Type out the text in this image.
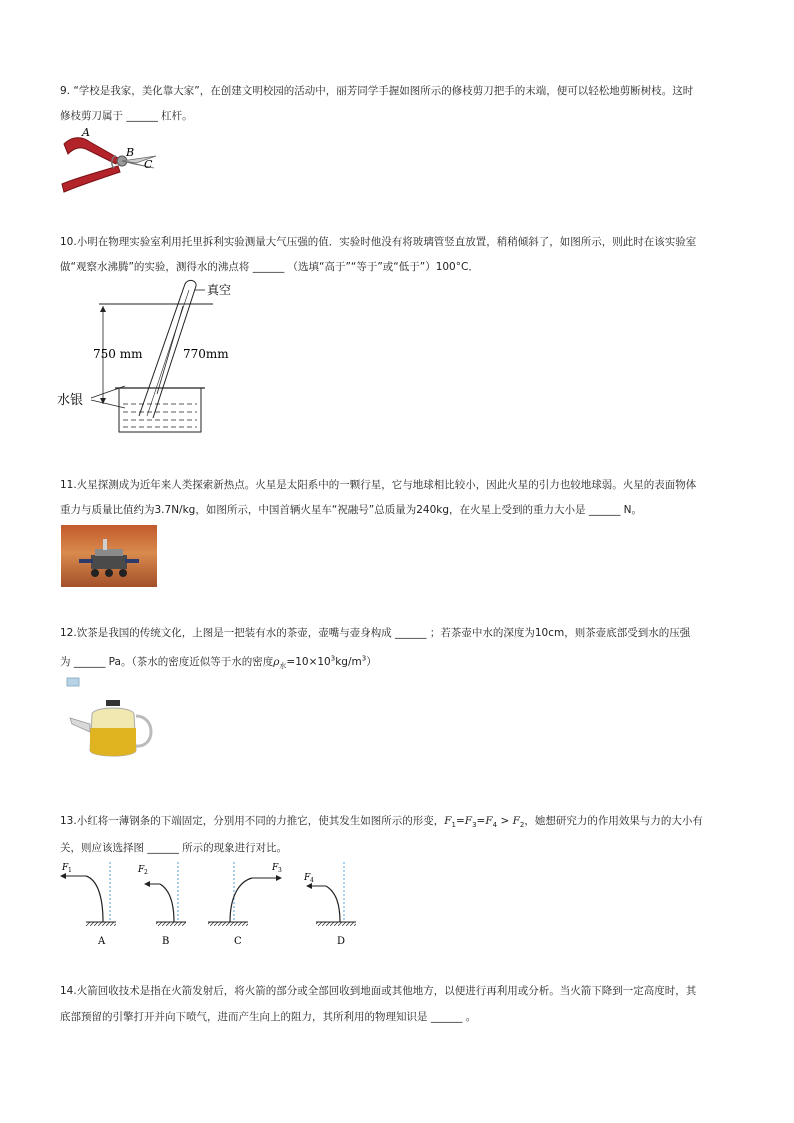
9. “学校是我家，美化靠大家”，在创建文明校园的活动中，丽芳同学手握如图所示的修枝剪刀把手的末端，便可以轻松地剪断树枝。这时
修枝剪刀属于 ______ 杠杆。
A
B
C
10.小明在物理实验室利用托里拆利实验测量大气压强的值．实验时他没有将玻璃管竖直放置，稍稍倾斜了，如图所示，则此时在该实验室
做“观察水沸腾”的实验，测得水的沸点将 ______ （选填“高于”“等于”或“低于”）100°C．
750 mm	770mm
真空
水银
11.火星探测成为近年来人类探索新热点。火星是太阳系中的一颗行星，它与地球相比较小，因此火星的引力也较地球弱。火星的表面物体
重力与质量比值约为3.7N/kg，如图所示，中国首辆火星车“祝融号”总质量为240kg，在火星上受到的重力大小是 ______ N。
12.饮茶是我国的传统文化，上图是一把装有水的茶壶，壶嘴与壶身构成 ______ ；若茶壶中水的深度为10cm，则茶壶底部受到水的压强
为 ______ Pa。（茶水的密度近似等于水的密度$\rho_水=10\times 10^3kg/m^3$）
13.小红将一薄钢条的下端固定，分别用不同的力推它，使其发生如图所示的形变，$F_1=F_3=F_4 > F_2$，她想研究力的作用效果与力的大小有
关，则应该选择图 ______ 所示的现象进行对比。
F 1
A
F 2
B
F 3
C
F 4
D
14.火箭回收技术是指在火箭发射后，将火箭的部分或全部回收到地面或其他地方，以便进行再利用或分析。当火箭下降到一定高度时，其
底部预留的引擎打开并向下喷气，进而产生向上的阻力，其所利用的物理知识是 ______ 。
